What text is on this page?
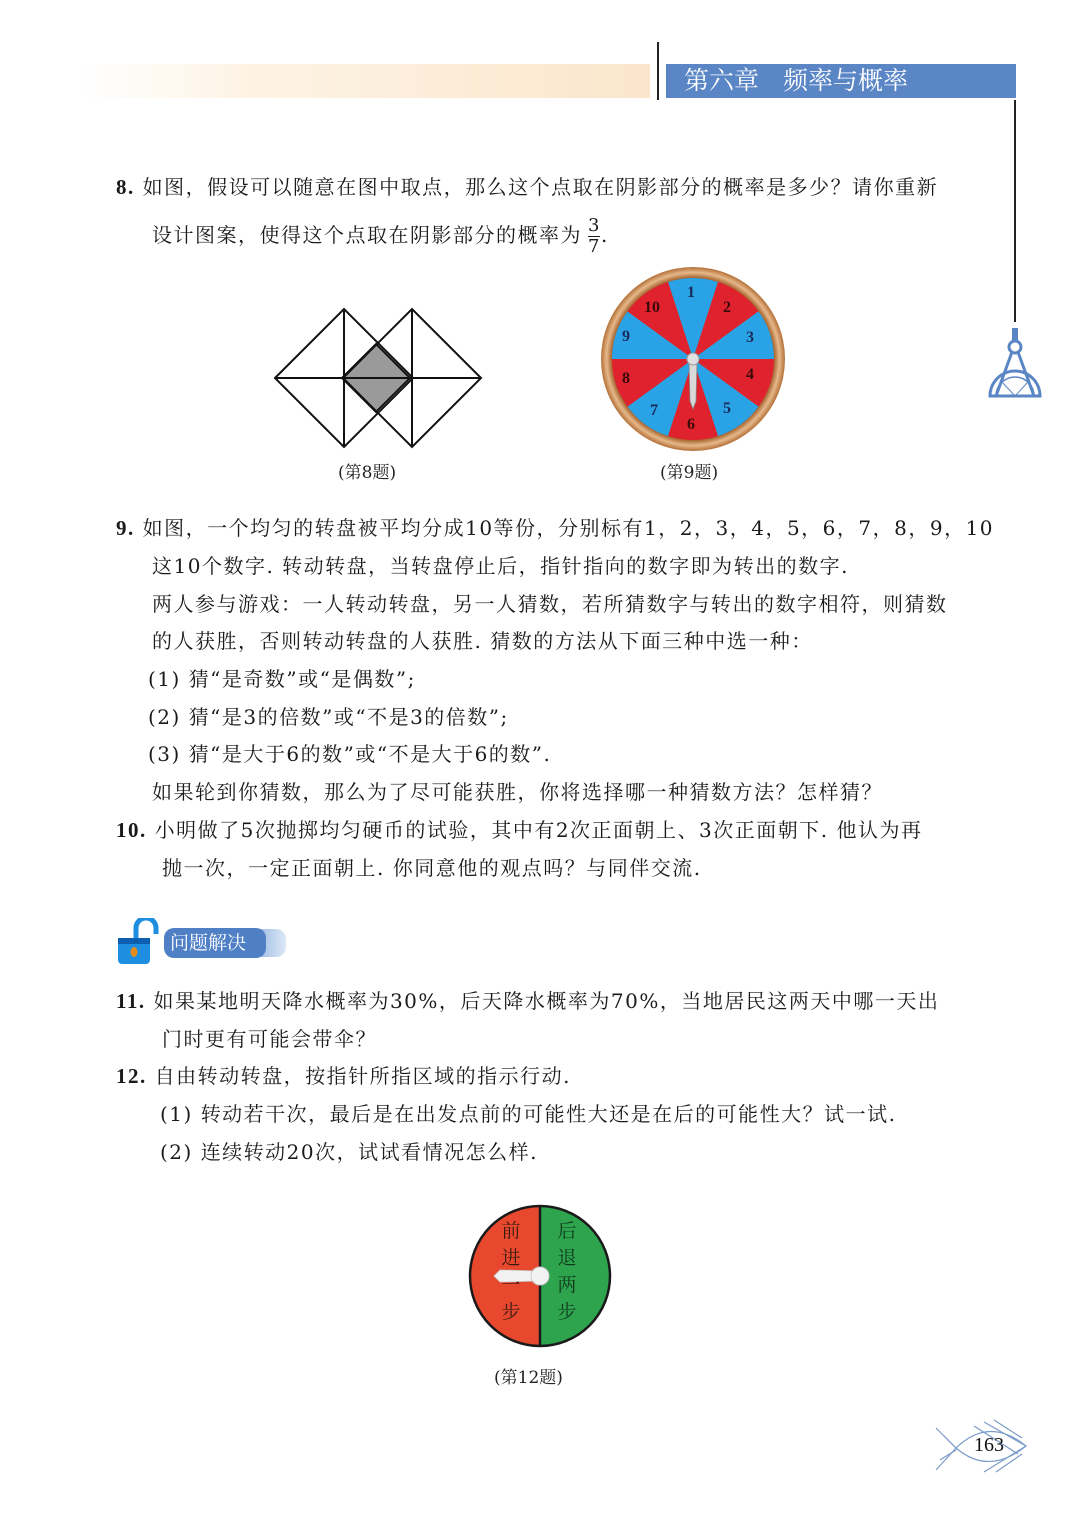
第六章 频率与概率
8. 如图，假设可以随意在图中取点，那么这个点取在阴影部分的概率是多少？请你重新
设计图案，使得这个点取在阴影部分的概率为 $\frac{3}{7}$ .
(第8题)
1
2
3
4
5
6
7
8
9
10
(第9题)
9. 如图，一个均匀的转盘被平均分成10等份，分别标有1，2，3，4，5，6，7，8，9，10
这10个数字. 转动转盘，当转盘停止后，指针指向的数字即为转出的数字.
两人参与游戏：一人转动转盘，另一人猜数，若所猜数字与转出的数字相符，则猜数
的人获胜，否则转动转盘的人获胜. 猜数的方法从下面三种中选一种：
(1) 猜“是奇数”或“是偶数”;
(2) 猜“是3的倍数”或“不是3的倍数”;
(3) 猜“是大于6的数”或“不是大于6的数”.
如果轮到你猜数，那么为了尽可能获胜，你将选择哪一种猜数方法？怎样猜？
10. 小明做了5次抛掷均匀硬币的试验，其中有2次正面朝上、3次正面朝下. 他认为再
抛一次，一定正面朝上. 你同意他的观点吗？与同伴交流.
问题解决
11. 如果某地明天降水概率为30%，后天降水概率为70%，当地居民这两天中哪一天出
门时更有可能会带伞？
12. 自由转动转盘，按指针所指区域的指示行动.
(1) 转动若干次，最后是在出发点前的可能性大还是在后的可能性大？试一试.
(2) 连续转动20次，试试看情况怎么样.
前
进
一
步
后
退
两
步
(第12题)
163
